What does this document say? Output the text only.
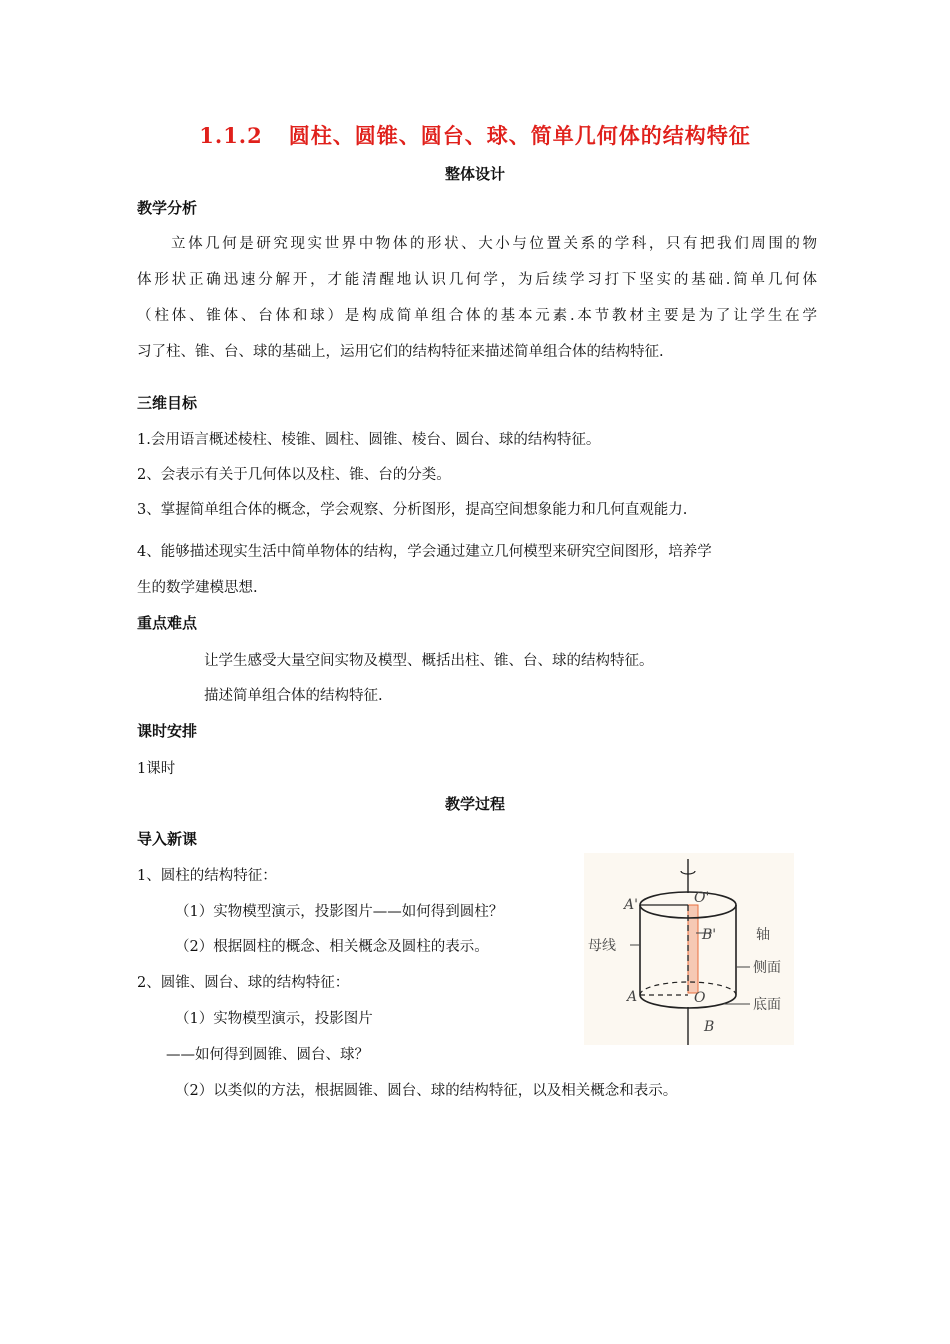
1.1.2 圆柱、圆锥、圆台、球、简单几何体的结构特征
整体设计
教学分析

立体几何是研究现实世界中物体的形状、大小与位置关系的学科，只有把我们周围的物

体形状正确迅速分解开，才能清醒地认识几何学，为后续学习打下坚实的基础.简单几何体

（柱体、锥体、台体和球）是构成简单组合体的基本元素.本节教材主要是为了让学生在学

习了柱、锥、台、球的基础上，运用它们的结构特征来描述简单组合体的结构特征.

三维目标
1.会用语言概述棱柱、棱锥、圆柱、圆锥、棱台、圆台、球的结构特征。
2、会表示有关于几何体以及柱、锥、台的分类。
3、掌握简单组合体的概念，学会观察、分析图形，提高空间想象能力和几何直观能力.
4、能够描述现实生活中简单物体的结构，学会通过建立几何模型来研究空间图形，培养学
生的数学建模思想.
重点难点
让学生感受大量空间实物及模型、概括出柱、锥、台、球的结构特征。
描述简单组合体的结构特征.
课时安排
1课时
教学过程
导入新课
1、圆柱的结构特征：
（1）实物模型演示，投影图片——如何得到圆柱？
（2）根据圆柱的概念、相关概念及圆柱的表示。
2、圆锥、圆台、球的结构特征：
（1）实物模型演示，投影图片
——如何得到圆锥、圆台、球？
（2）以类似的方法，根据圆锥、圆台、球的结构特征，以及相关概念和表示。
A'	O'
B'
A	O
B
母线
轴
侧面
底面
